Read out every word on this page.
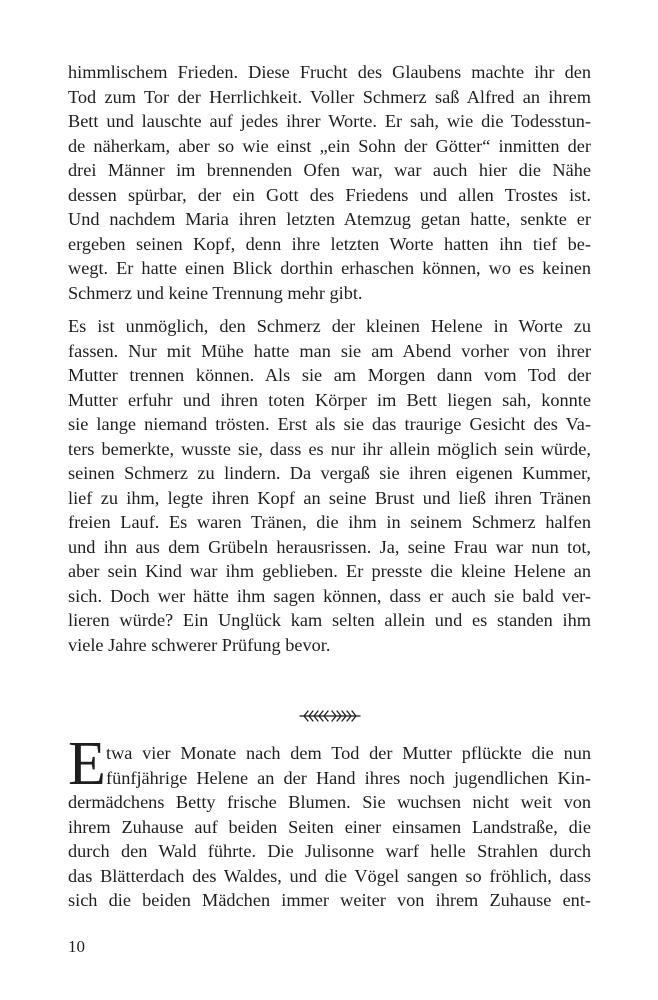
himmlischem Frieden. Diese Frucht des Glaubens machte ihr den
Tod zum Tor der Herrlichkeit. Voller Schmerz saß Alfred an ihrem
Bett und lauschte auf jedes ihrer Worte. Er sah, wie die Todesstun-
de näherkam, aber so wie einst „ein Sohn der Götter“ inmitten der
drei Männer im brennenden Ofen war, war auch hier die Nähe
dessen spürbar, der ein Gott des Friedens und allen Trostes ist.
Und nachdem Maria ihren letzten Atemzug getan hatte, senkte er
ergeben seinen Kopf, denn ihre letzten Worte hatten ihn tief be-
wegt. Er hatte einen Blick dorthin erhaschen können, wo es keinen
Schmerz und keine Trennung mehr gibt.
Es ist unmöglich, den Schmerz der kleinen Helene in Worte zu
fassen. Nur mit Mühe hatte man sie am Abend vorher von ihrer
Mutter trennen können. Als sie am Morgen dann vom Tod der
Mutter erfuhr und ihren toten Körper im Bett liegen sah, konnte
sie lange niemand trösten. Erst als sie das traurige Gesicht des Va-
ters bemerkte, wusste sie, dass es nur ihr allein möglich sein würde,
seinen Schmerz zu lindern. Da vergaß sie ihren eigenen Kummer,
lief zu ihm, legte ihren Kopf an seine Brust und ließ ihren Tränen
freien Lauf. Es waren Tränen, die ihm in seinem Schmerz halfen
und ihn aus dem Grübeln herausrissen. Ja, seine Frau war nun tot,
aber sein Kind war ihm geblieben. Er presste die kleine Helene an
sich. Doch wer hätte ihm sagen können, dass er auch sie bald ver-
lieren würde? Ein Unglück kam selten allein und es standen ihm
viele Jahre schwerer Prüfung bevor.
E twa vier Monate nach dem Tod der Mutter pflückte die nun
fünfjährige Helene an der Hand ihres noch jugendlichen Kin-
dermädchens Betty frische Blumen. Sie wuchsen nicht weit von
ihrem Zuhause auf beiden Seiten einer einsamen Landstraße, die
durch den Wald führte. Die Julisonne warf helle Strahlen durch
das Blätterdach des Waldes, und die Vögel sangen so fröhlich, dass
sich die beiden Mädchen immer weiter von ihrem Zuhause ent-
10
